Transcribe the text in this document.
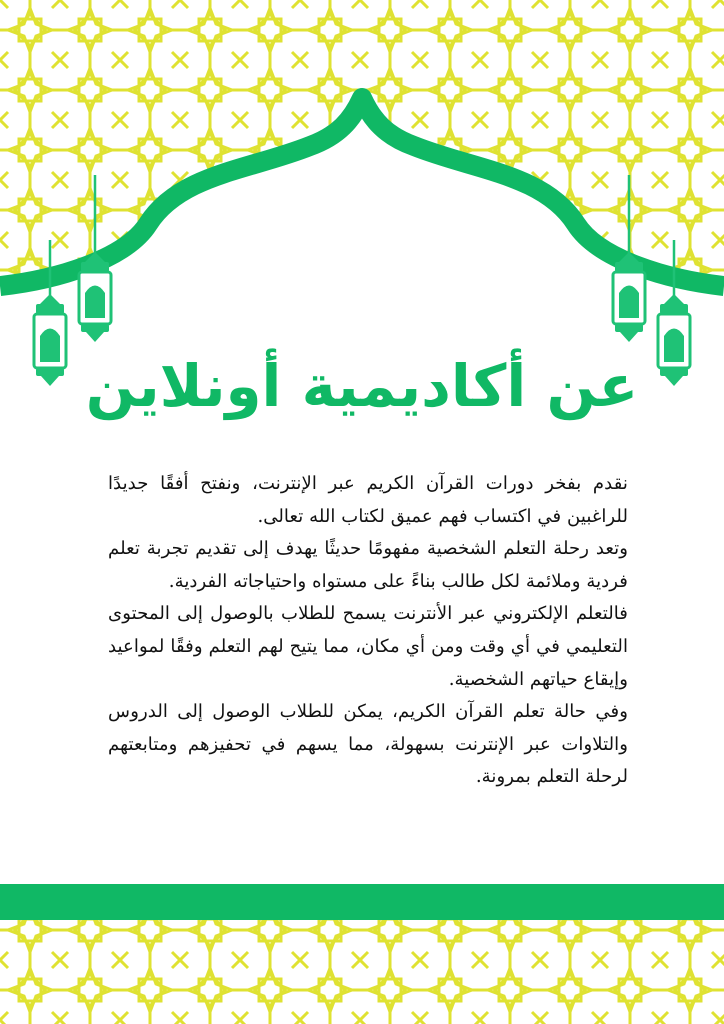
عن أكاديمية أونلاين

نقدم بفخر دورات القرآن الكريم عبر الإنترنت، ونفتح أفقًا جديدًا للراغبين في اكتساب فهم عميق لكتاب الله تعالى.

وتعد رحلة التعلم الشخصية مفهومًا حديثًا يهدف إلى تقديم تجربة تعلم فردية وملائمة لكل طالب بناءً على مستواه واحتياجاته الفردية.

فالتعلم الإلكتروني عبر الأنترنت يسمح للطلاب بالوصول إلى المحتوى التعليمي في أي وقت ومن أي مكان، مما يتيح لهم التعلم وفقًا لمواعيد وإيقاع حياتهم الشخصية.

وفي حالة تعلم القرآن الكريم، يمكن للطلاب الوصول إلى الدروس والتلاوات عبر الإنترنت بسهولة، مما يسهم في تحفيزهم ومتابعتهم لرحلة التعلم بمرونة.
